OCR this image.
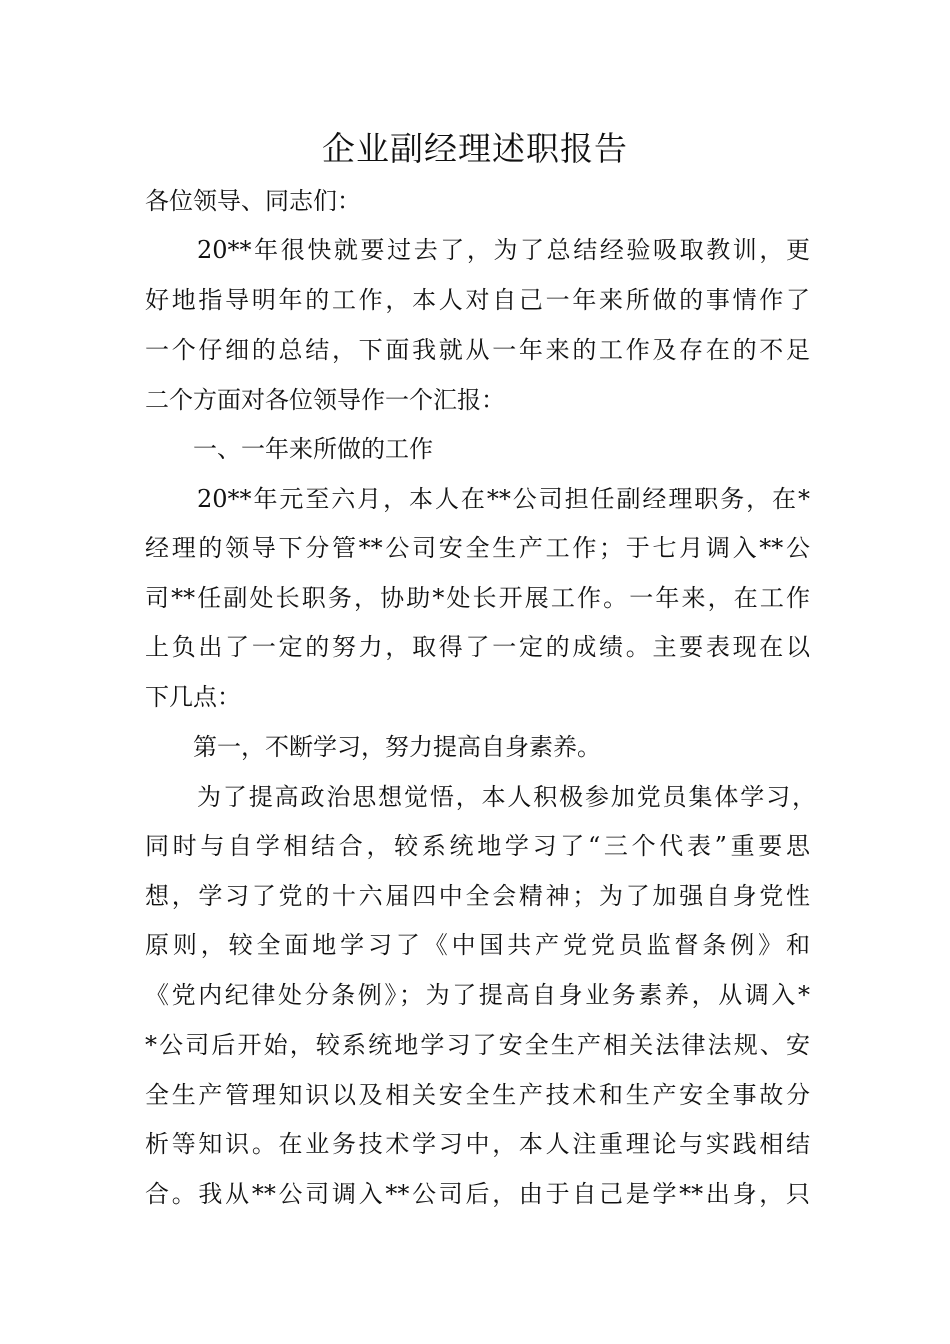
企业副经理述职报告
各位领导、同志们：
20**年很快就要过去了，为了总结经验吸取教训，更
好地指导明年的工作，本人对自己一年来所做的事情作了
一个仔细的总结，下面我就从一年来的工作及存在的不足
二个方面对各位领导作一个汇报：
一、一年来所做的工作
20**年元至六月，本人在**公司担任副经理职务，在*
经理的领导下分管**公司安全生产工作；于七月调入**公
司**任副处长职务，协助*处长开展工作。一年来，在工作
上负出了一定的努力，取得了一定的成绩。主要表现在以
下几点：
第一，不断学习，努力提高自身素养。
为了提高政治思想觉悟，本人积极参加党员集体学习，
同时与自学相结合，较系统地学习了“三个代表”重要思
想，学习了党的十六届四中全会精神；为了加强自身党性
原则，较全面地学习了《中国共产党党员监督条例》和
《党内纪律处分条例》；为了提高自身业务素养，从调入*
*公司后开始，较系统地学习了安全生产相关法律法规、安
全生产管理知识以及相关安全生产技术和生产安全事故分
析等知识。在业务技术学习中，本人注重理论与实践相结
合。我从**公司调入**公司后，由于自己是学**出身，只
